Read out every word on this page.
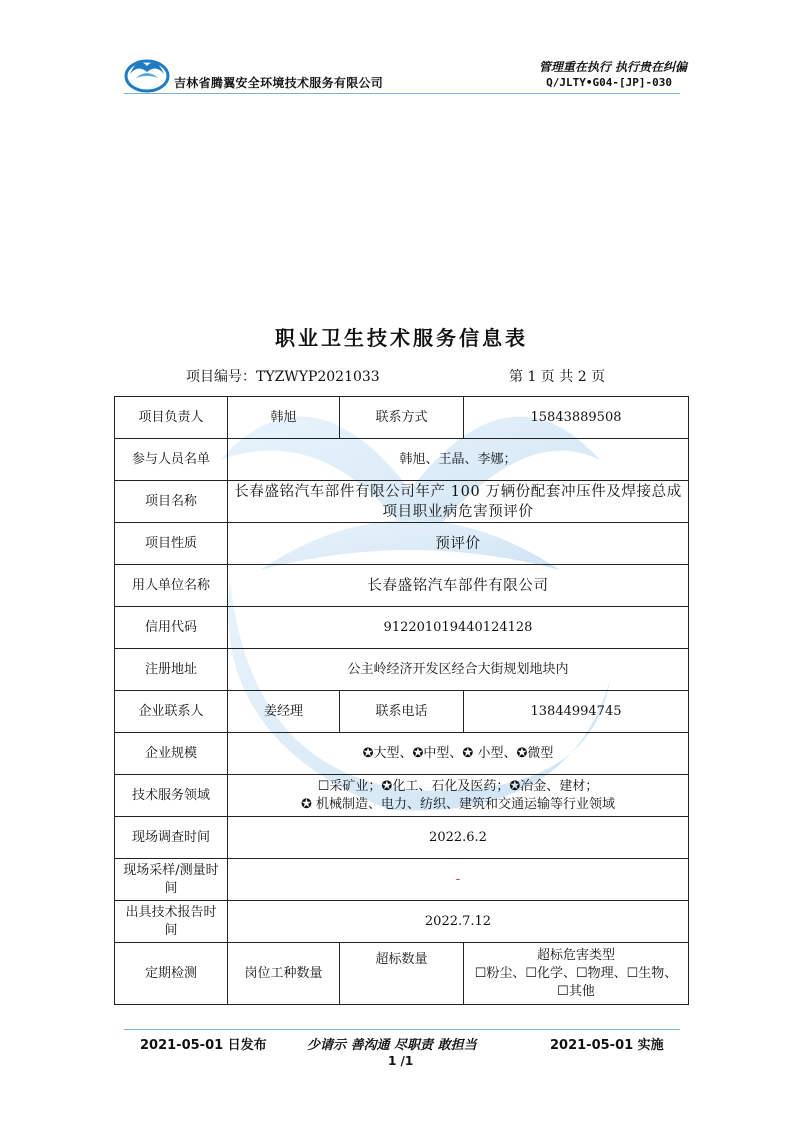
吉林省腾翼安全环境技术服务有限公司
管理重在执行 执行贵在纠偏
Q/JLTY•G04-[JP]-030
职业卫生技术服务信息表
项目编号：TYZWYP2021033	第 1 页 共 2 页
项目负责人	韩旭	联系方式	15843889508
参与人员名单	韩旭、王晶、李娜；		
项目名称	长春盛铭汽车部件有限公司年产 100 万辆份配套冲压件及焊接总成项目职业病危害预评价		
项目性质	预评价		
用人单位名称	长春盛铭汽车部件有限公司		
信用代码	912201019440124128		
注册地址	公主岭经济开发区经合大街规划地块内		
企业联系人	姜经理	联系电话	13844994745
企业规模	✪大型、✪中型、✪ 小型、✪微型		
技术服务领域	☐采矿业；✪化工、石化及医药；✪冶金、建材；
✪ 机械制造、电力、纺织、建筑和交通运输等行业领域		

现场调查时间	2022.6.2		
现场采样/测量时间	-		
出具技术报告时间	2022.7.12		
定期检测	岗位工种数量	超标数量	超标危害类型
☐粉尘、☐化学、☐物理、☐生物、☐其他
2021-05-01 日发布	少请示 善沟通 尽职责 敢担当	2021-05-01 实施
1 /1
